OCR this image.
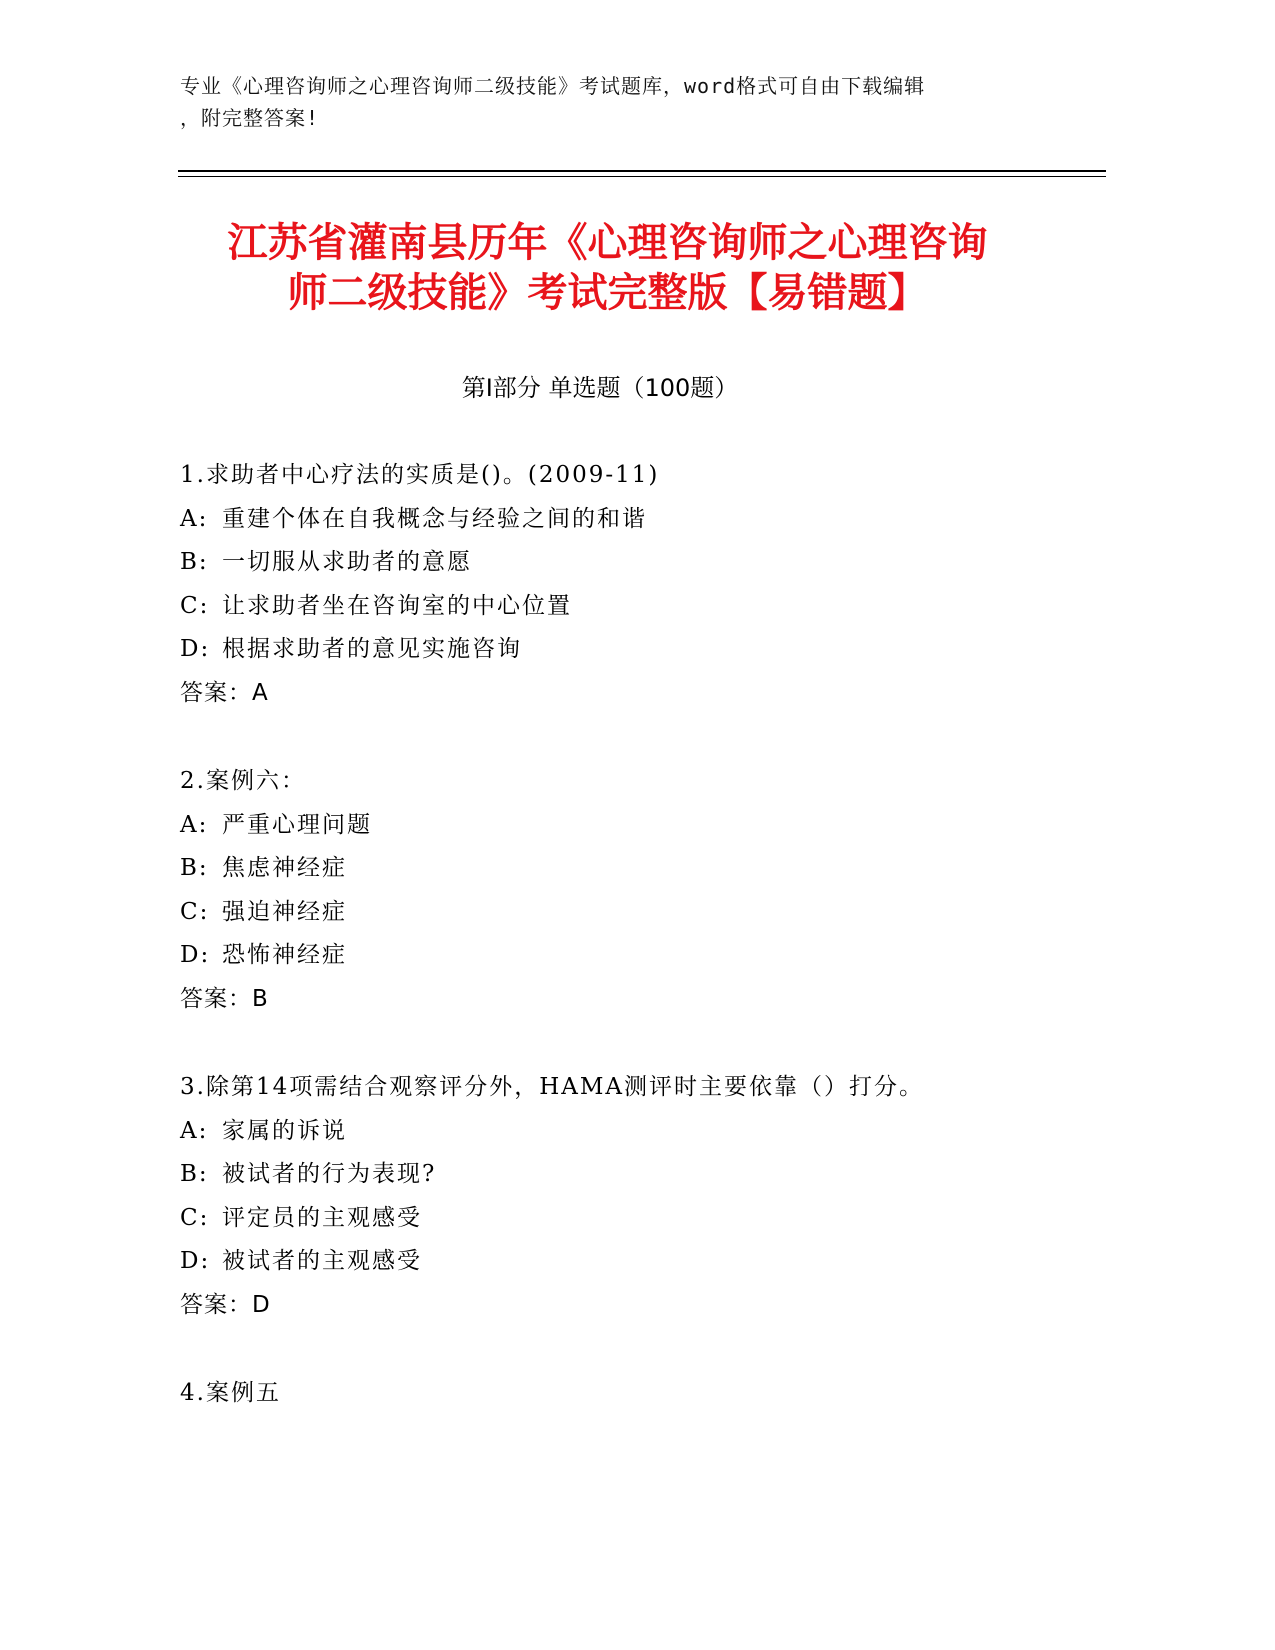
专业《心理咨询师之心理咨询师二级技能》考试题库，word格式可自由下载编辑
，附完整答案!
江苏省灌南县历年《心理咨询师之心理咨询
师二级技能》考试完整版【易错题】
第Ⅰ部分 单选题（100题）
1.求助者中心疗法的实质是()。(2009-11)
A: 重建个体在自我概念与经验之间的和谐
B: 一切服从求助者的意愿
C: 让求助者坐在咨询室的中心位置
D: 根据求助者的意见实施咨询
答案：A
2.案例六：
A: 严重心理问题
B: 焦虑神经症
C: 强迫神经症
D: 恐怖神经症
答案：B
3.除第14项需结合观察评分外，HAMA测评时主要依靠（）打分。
A: 家属的诉说
B: 被试者的行为表现?
C: 评定员的主观感受
D: 被试者的主观感受
答案：D
4.案例五
